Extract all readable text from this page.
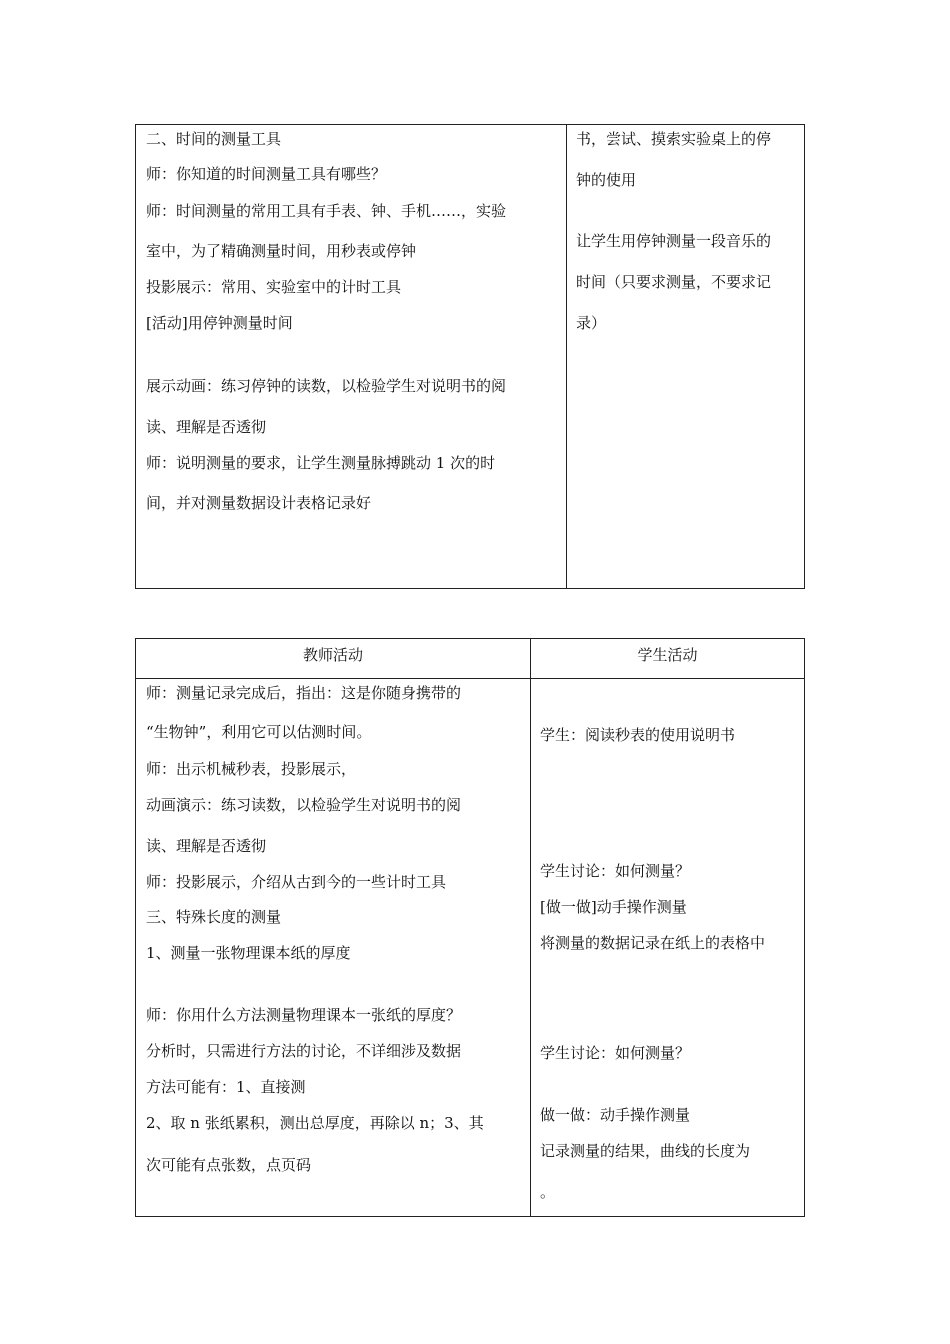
二、时间的测量工具
师：你知道的时间测量工具有哪些？
师：时间测量的常用工具有手表、钟、手机……，实验
室中，为了精确测量时间，用秒表或停钟
投影展示：常用、实验室中的计时工具
[活动]用停钟测量时间
展示动画：练习停钟的读数，以检验学生对说明书的阅
读、理解是否透彻
师：说明测量的要求，让学生测量脉搏跳动 1 次的时
间，并对测量数据设计表格记录好
书，尝试、摸索实验桌上的停
钟的使用
让学生用停钟测量一段音乐的
时间（只要求测量，不要求记
录）
教师活动	学生活动
师：测量记录完成后，指出：这是你随身携带的
“生物钟”，利用它可以估测时间。
师：出示机械秒表，投影展示，
动画演示：练习读数，以检验学生对说明书的阅
读、理解是否透彻
师：投影展示，介绍从古到今的一些计时工具
三、特殊长度的测量
1、测量一张物理课本纸的厚度
师：你用什么方法测量物理课本一张纸的厚度？
分析时，只需进行方法的讨论，不详细涉及数据
方法可能有：1、直接测
2、取 n 张纸累积，测出总厚度，再除以 n；3、其
次可能有点张数，点页码
学生：阅读秒表的使用说明书
学生讨论：如何测量？
[做一做]动手操作测量
将测量的数据记录在纸上的表格中
学生讨论：如何测量？
做一做：动手操作测量
记录测量的结果，曲线的长度为
。
